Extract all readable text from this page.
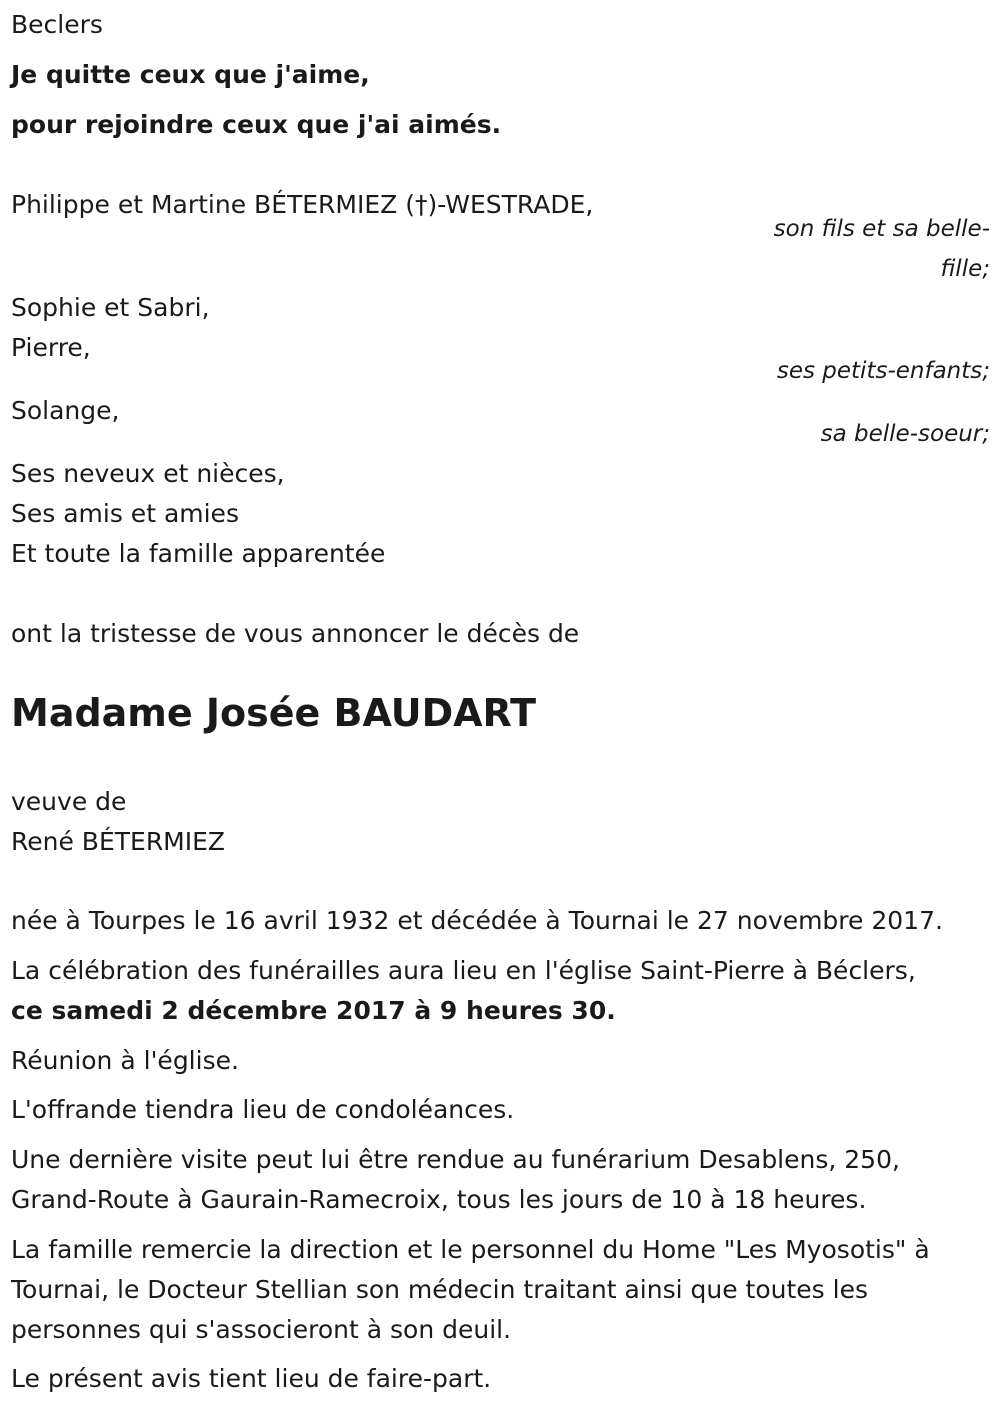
Beclers
Je quitte ceux que j'aime,
pour rejoindre ceux que j'ai aimés.
Philippe et Martine BÉTERMIEZ (†)-WESTRADE,
son fils et sa belle-
fille;
Sophie et Sabri,
Pierre,
ses petits-enfants;
Solange,
sa belle-soeur;
Ses neveux et nièces,
Ses amis et amies
Et toute la famille apparentée
ont la tristesse de vous annoncer le décès de
Madame Josée BAUDART
veuve de
René BÉTERMIEZ
née à Tourpes le 16 avril 1932 et décédée à Tournai le 27 novembre 2017.
La célébration des funérailles aura lieu en l'église Saint-Pierre à Béclers,
ce samedi 2 décembre 2017 à 9 heures 30.
Réunion à l'église.
L'offrande tiendra lieu de condoléances.
Une dernière visite peut lui être rendue au funérarium Desablens, 250,
Grand-Route à Gaurain-Ramecroix, tous les jours de 10 à 18 heures.
La famille remercie la direction et le personnel du Home "Les Myosotis" à
Tournai, le Docteur Stellian son médecin traitant ainsi que toutes les
personnes qui s'associeront à son deuil.
Le présent avis tient lieu de faire-part.
